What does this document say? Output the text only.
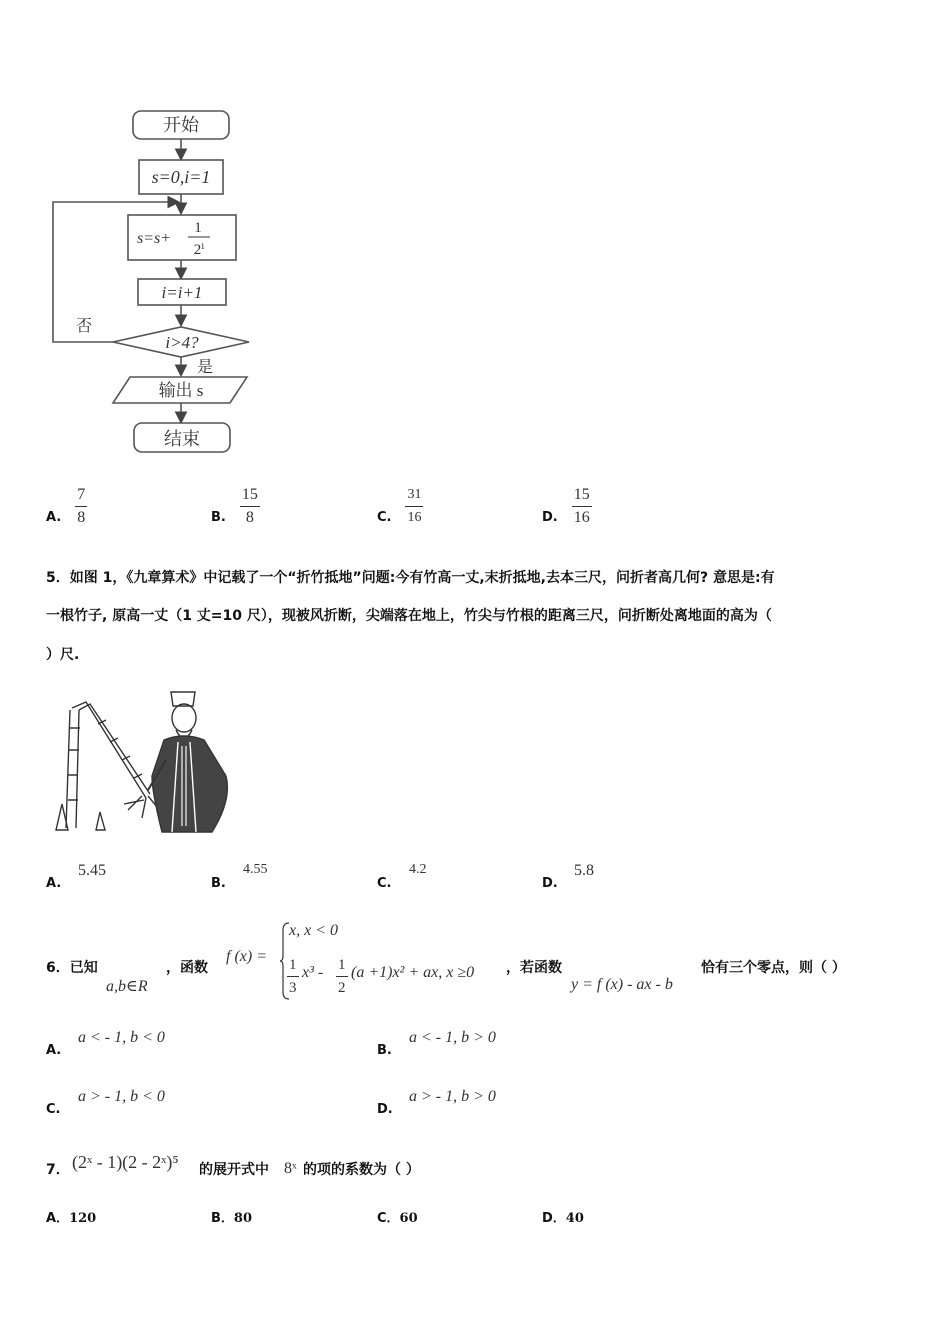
开始
s=0,i=1
s=s+
1
2ⁱ
i=i+1
i>4?
否
是
输出 s
结束
A. $\frac{7}{8}$	B. $\frac{15}{8}$	C. $\frac{31}{16}$	D. $\frac{15}{16}$
5．如图 1，《九章算术》中记载了一个“折竹抵地”问题:今有竹高一丈,末折抵地,去本三尺，问折者高几何? 意思是:有
一根竹子, 原高一丈（1 丈=10 尺），现被风折断，尖端落在地上，竹尖与竹根的距离三尺，问折断处离地面的高为（
）尺.
A.
5.45
B.
4.55
C.
4.2
D.
5.8
6．已知
a,b∈R
，函数
f (x) =
x, x < 0
$\frac{1}{3} x^3 - \frac{1}{2} (a +1)x^2$ + ax, x ≥0 ，若函数
y = f (x) - ax - b
恰有三个零点，则（ ）
A.
a < - 1, b < 0
B.
a < - 1, b > 0
C.
a > - 1, b < 0
D.
a > - 1, b > 0
7． (2ˣ - 1)(2 - 2ˣ)⁵ 的展开式中 8ˣ 的项的系数为（ ）
A．120	B．80	C．60	D．40
